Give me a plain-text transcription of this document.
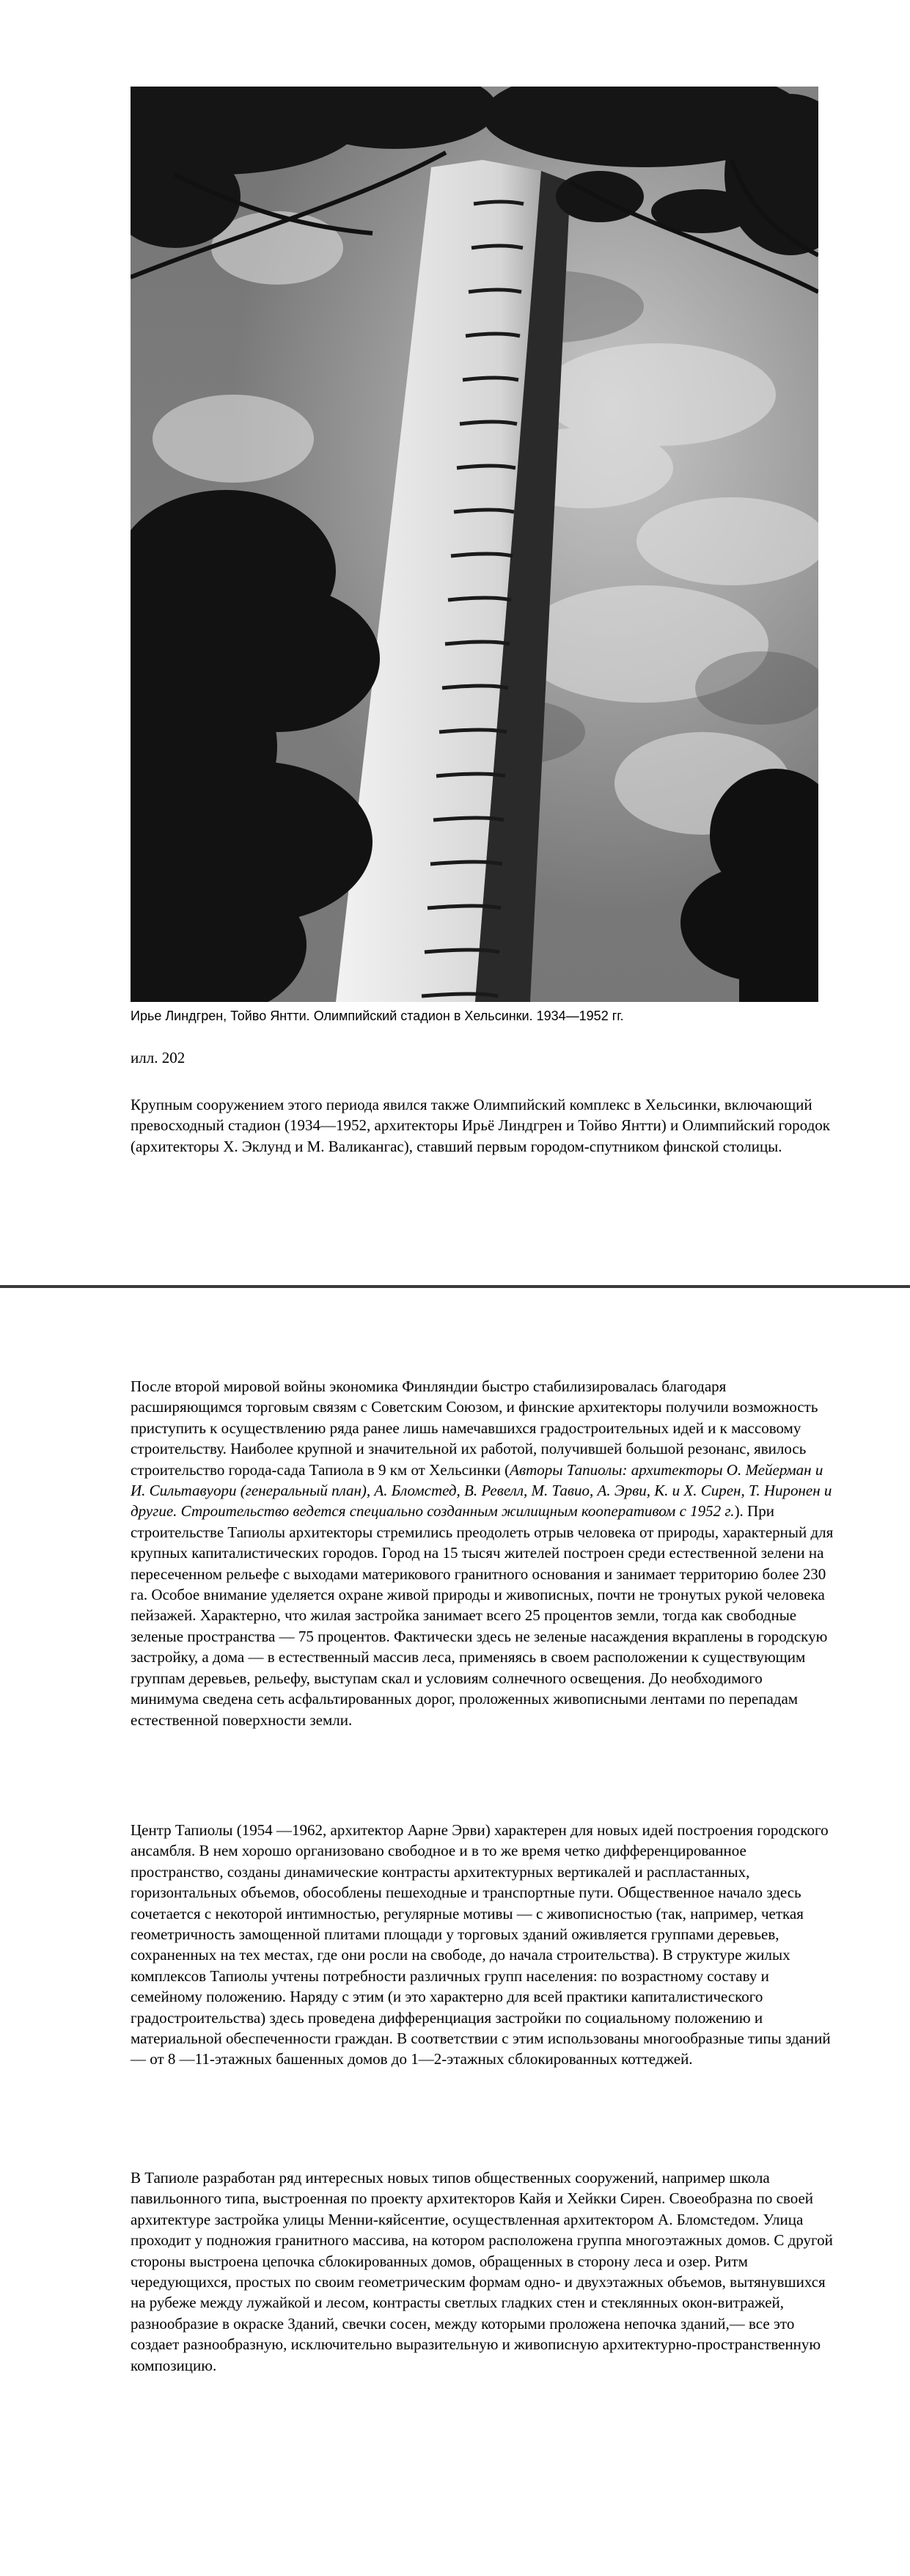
Ирье Линдгрен, Тойво Янтти. Олимпийский стадион в Хельсинки. 1934—1952 гг.
илл. 202

Крупным сооружением этого периода явился также Олимпийский комплекс в Хельсинки, включающий превосходный стадион (1934—1952, архитекторы Ирьё Линдгрен и Тойво Янтти) и Олимпийский городок (архитекторы X. Эклунд и М. Валикангас), ставший первым городом-спутником финской столицы.

После второй мировой войны экономика Финляндии быстро стабилизировалась благодаря расширяющимся торговым связям с Советским Союзом, и финские архитекторы получили возможность приступить к осуществлению ряда ранее лишь намечавшихся градостроительных идей и к массовому строительству. Наиболее крупной и значительной их работой, получившей большой резонанс, явилось строительство города-сада Тапиола в 9 км от Хельсинки (Авторы Тапиолы: архитекторы О. Мейерман и И. Сильтавуори (генеральный план), А. Бломстед, В. Ревелл, М. Тавио, А. Эрви, К. и X. Сирен, Т. Ниронен и другие. Строительство ведется специально созданным жилищным кооперативом с 1952 г.). При строительстве Тапиолы архитекторы стремились преодолеть отрыв человека от природы, характерный для крупных капиталистических городов. Город на 15 тысяч жителей построен среди естественной зелени на пересеченном рельефе с выходами материкового гранитного основания и занимает территорию более 230 га. Особое внимание уделяется охране живой природы и живописных, почти не тронутых рукой человека пейзажей. Характерно, что жилая застройка занимает всего 25 процентов земли, тогда как свободные зеленые пространства — 75 процентов. Фактически здесь не зеленые насаждения вкраплены в городскую застройку, а дома — в естественный массив леса, применяясь в своем расположении к существующим группам деревьев, рельефу, выступам скал и условиям солнечного освещения. До необходимого минимума сведена сеть асфальтированных дорог, проложенных живописными лентами по перепадам естественной поверхности земли.

Центр Тапиолы (1954 —1962, архитектор Аарне Эрви) характерен для новых идей построения городского ансамбля. В нем хорошо организовано свободное и в то же время четко дифференцированное пространство, созданы динамические контрасты архитектурных вертикалей и распластанных, горизонтальных объемов, обособлены пешеходные и транспортные пути. Общественное начало здесь сочетается с некоторой интимностью, регулярные мотивы — с живописностью (так, например, четкая геометричность замощенной плитами площади у торговых зданий оживляется группами деревьев, сохраненных на тех местах, где они росли на свободе, до начала строительства). В структуре жилых комплексов Тапиолы учтены потребности различных групп населения: по возрастному составу и семейному положению. Наряду с этим (и это характерно для всей практики капиталистического градостроительства) здесь проведена дифференциация застройки по социальному положению и материальной обеспеченности граждан. В соответствии с этим использованы многообразные типы зданий — от 8 —11-этажных башенных домов до 1—2-этажных сблокированных коттеджей.

В Тапиоле разработан ряд интересных новых типов общественных сооружений, например школа павильонного типа, выстроенная по проекту архитекторов Кайя и Хейкки Сирен. Своеобразна по своей архитектуре застройка улицы Менни-кяйсентие, осуществленная архитектором А. Бломстедом. Улица проходит у подножия гранитного массива, на котором расположена группа многоэтажных домов. С другой стороны выстроена цепочка сблокированных домов, обращенных в сторону леса и озер. Ритм чередующихся, простых по своим геометрическим формам одно- и двухэтажных объемов, вытянувшихся на рубеже между лужайкой и лесом, контрасты светлых гладких стен и стеклянных окон-витражей, разнообразие в окраске Зданий, свечки сосен, между которыми проложена непочка зданий,— все это создает разнообразную, исключительно выразительную и живописную архитектурно-пространственную композицию.
